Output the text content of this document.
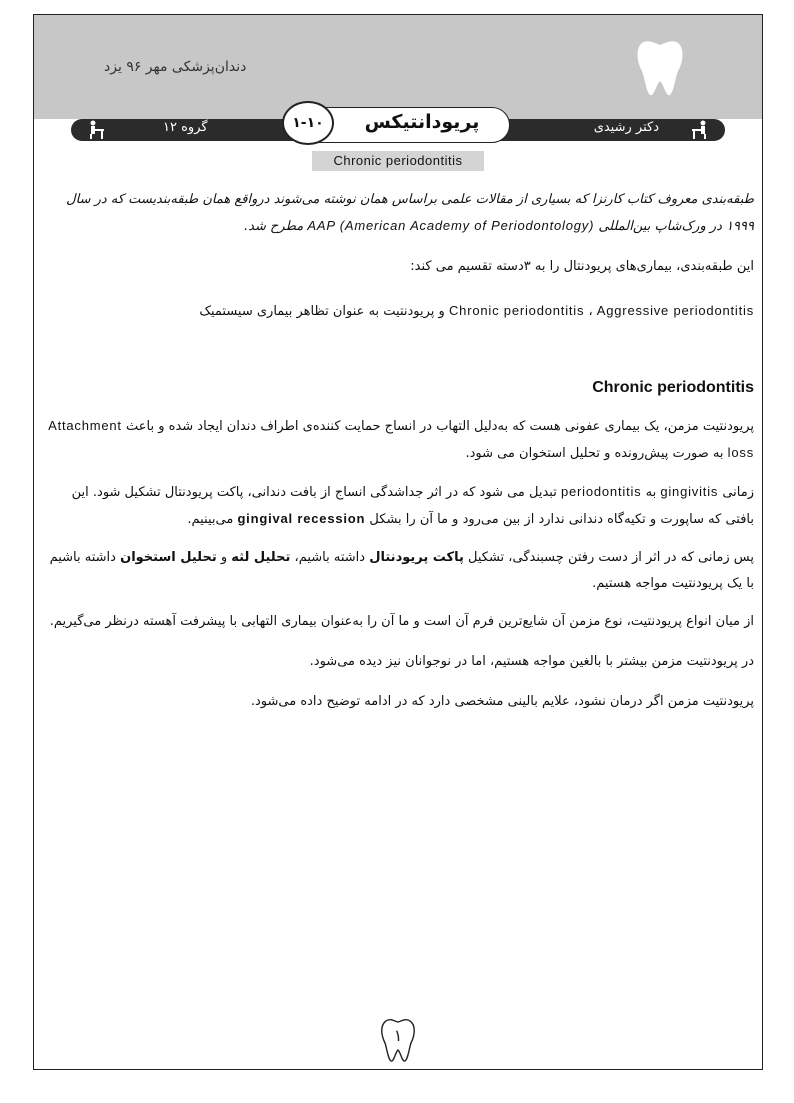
دندان‌پزشکی مهر ۹۶ یزد
گروه ۱۲	دکتر رشیدی
۱-۱۰	پریودانتیکس
Chronic periodontitis

طبقه‌بندی معروف کتاب کارنزا که بسیاری از مقالات علمی براساس همان نوشته می‌شوند درواقع همان طبقه‌بندیست که در سال ۱۹۹۹ در ورک‌شاپ بین‌المللی AAP (American Academy of Periodontology) مطرح شد.

این طبقه‌بندی، بیماری‌های پریودنتال را به ۳دسته تقسیم می کند:

Chronic periodontitis ، Aggressive periodontitis و پریودنتیت به عنوان تظاهر بیماری سیستمیک

Chronic periodontitis

پریودنتیت مزمن، یک بیماری عفونی هست که به‌دلیل التهاب در انساج حمایت کننده‌ی اطراف دندان ایجاد شده و باعث Attachment loss به صورت پیش‌رونده و تحلیل استخوان می شود.

زمانی gingivitis به periodontitis تبدیل می شود که در اثر جداشدگی انساج از بافت دندانی، پاکت پریودنتال تشکیل شود. این بافتی که ساپورت و تکیه‌گاه دندانی ندارد از بین می‌رود و ما آن را بشکل gingival recession می‌بینیم.

پس زمانی که در اثر از دست رفتن چسبندگی، تشکیل پاکت پریودنتال داشته باشیم، تحلیل لثه و تحلیل استخوان داشته باشیم با یک پریودنتیت مواجه هستیم.

از میان انواع پریودنتیت، نوع مزمن آن شایع‌ترین فرم آن است و ما آن را به‌عنوان بیماری التهابی با پیشرفت آهسته درنظر می‌گیریم.

در پریودنتیت مزمن بیشتر با بالغین مواجه هستیم، اما در نوجوانان نیز دیده می‌شود.

پریودنتیت مزمن اگر درمان نشود، علایم بالینی مشخصی دارد که در ادامه توضیح داده می‌شود.

۱
